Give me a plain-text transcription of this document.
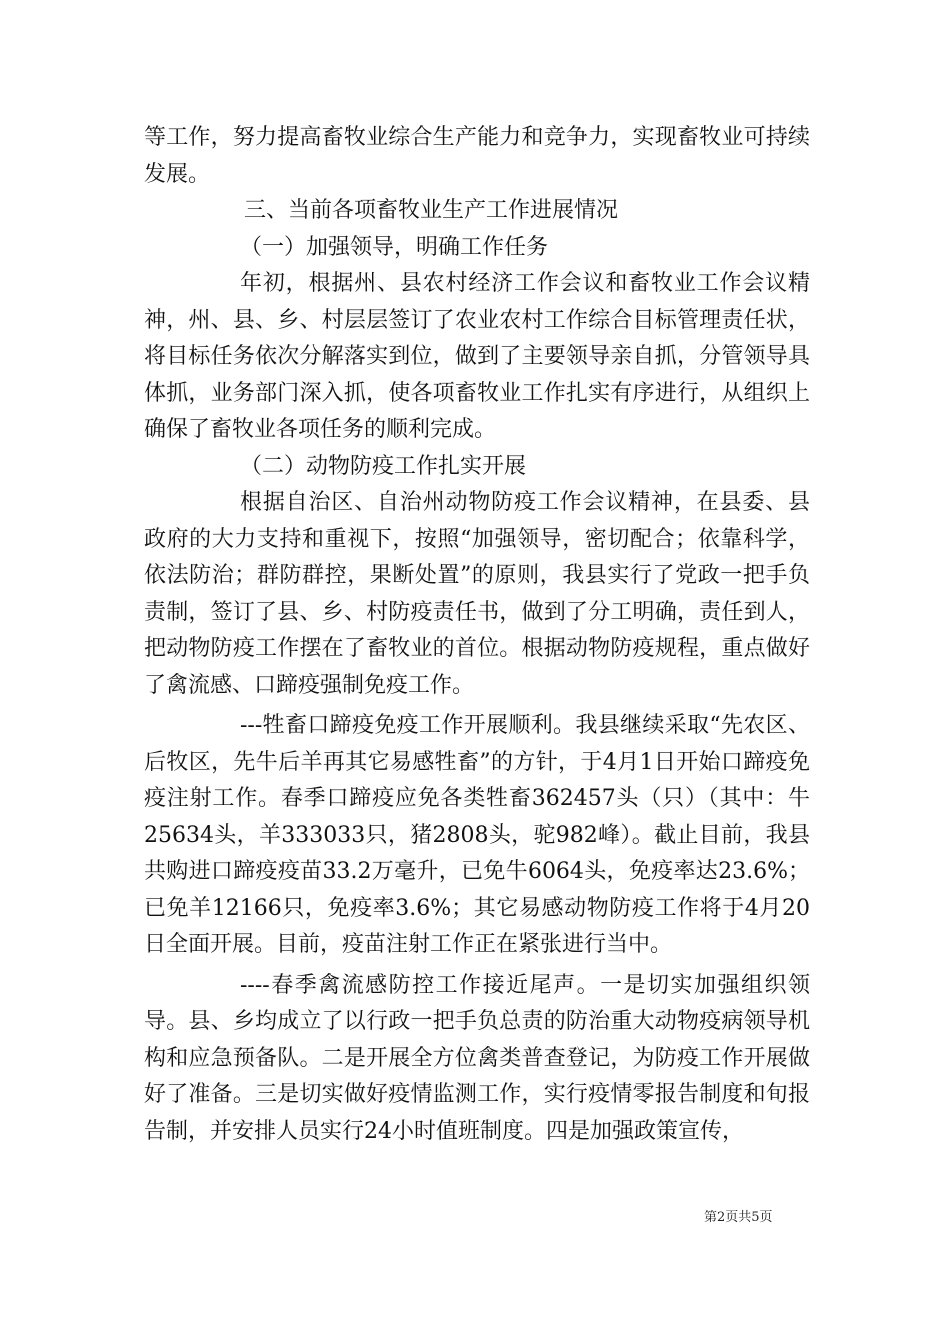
等工作，努力提高畜牧业综合生产能力和竞争力，实现畜牧业可持续发展。

三、当前各项畜牧业生产工作进展情况

（一）加强领导，明确工作任务

年初，根据州、县农村经济工作会议和畜牧业工作会议精神，州、县、乡、村层层签订了农业农村工作综合目标管理责任状，将目标任务依次分解落实到位，做到了主要领导亲自抓，分管领导具体抓，业务部门深入抓，使各项畜牧业工作扎实有序进行，从组织上确保了畜牧业各项任务的顺利完成。

（二）动物防疫工作扎实开展

根据自治区、自治州动物防疫工作会议精神，在县委、县政府的大力支持和重视下，按照“加强领导，密切配合；依靠科学，依法防治；群防群控，果断处置”的原则，我县实行了党政一把手负责制，签订了县、乡、村防疫责任书，做到了分工明确，责任到人，把动物防疫工作摆在了畜牧业的首位。根据动物防疫规程，重点做好了禽流感、口蹄疫强制免疫工作。

---牲畜口蹄疫免疫工作开展顺利。我县继续采取“先农区、后牧区，先牛后羊再其它易感牲畜”的方针，于4月1日开始口蹄疫免疫注射工作。春季口蹄疫应免各类牲畜362457头（只）（其中：牛25634头，羊333033只，猪2808头，驼982峰）。截止目前，我县共购进口蹄疫疫苗33.2万毫升，已免牛6064头，免疫率达23.6%；已免羊12166只，免疫率3.6%；其它易感动物防疫工作将于4月20日全面开展。目前，疫苗注射工作正在紧张进行当中。

----春季禽流感防控工作接近尾声。一是切实加强组织领导。县、乡均成立了以行政一把手负总责的防治重大动物疫病领导机构和应急预备队。二是开展全方位禽类普查登记，为防疫工作开展做好了准备。三是切实做好疫情监测工作，实行疫情零报告制度和旬报告制，并安排人员实行24小时值班制度。四是加强政策宣传，

第2页共5页
